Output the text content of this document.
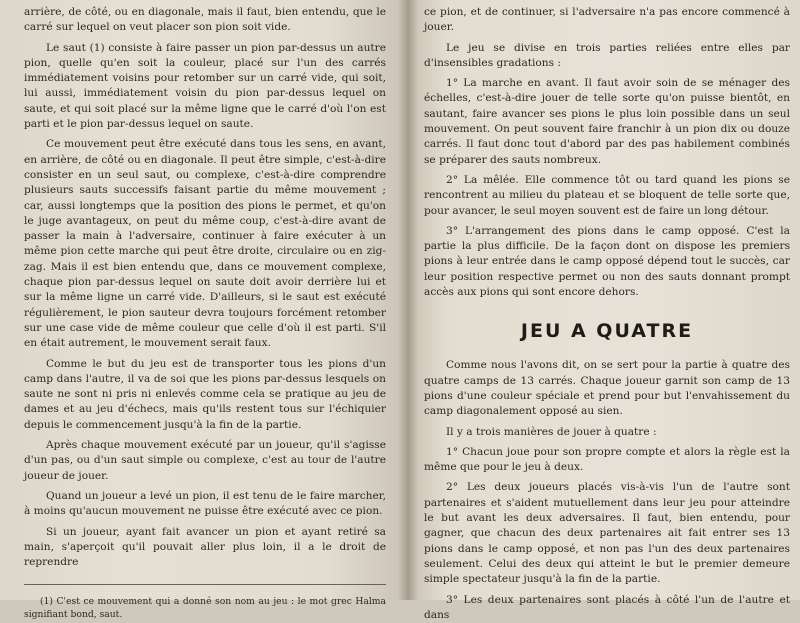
arrière, de côté, ou en diagonale, mais il faut, bien entendu, que le carré sur lequel on veut placer son pion soit vide.

Le saut (1) consiste à faire passer un pion par-dessus un autre pion, quelle qu'en soit la couleur, placé sur l'un des carrés immédiatement voisins pour retomber sur un carré vide, qui soit, lui aussi, immédiatement voisin du pion par-dessus lequel on saute, et qui soit placé sur la même ligne que le carré d'où l'on est parti et le pion par-dessus lequel on saute.

Ce mouvement peut être exécuté dans tous les sens, en avant, en arrière, de côté ou en diagonale. Il peut être simple, c'est-à-dire consister en un seul saut, ou complexe, c'est-à-dire comprendre plusieurs sauts successifs faisant partie du même mouvement ; car, aussi longtemps que la position des pions le permet, et qu'on le juge avantageux, on peut du même coup, c'est-à-dire avant de passer la main à l'adversaire, continuer à faire exécuter à un même pion cette marche qui peut être droite, circulaire ou en zig-zag. Mais il est bien entendu que, dans ce mouvement complexe, chaque pion par-dessus lequel on saute doit avoir derrière lui et sur la même ligne un carré vide. D'ailleurs, si le saut est exécuté régulièrement, le pion sauteur devra toujours forcément retomber sur une case vide de même couleur que celle d'où il est parti. S'il en était autrement, le mouvement serait faux.

Comme le but du jeu est de transporter tous les pions d'un camp dans l'autre, il va de soi que les pions par-dessus lesquels on saute ne sont ni pris ni enlevés comme cela se pratique au jeu de dames et au jeu d'échecs, mais qu'ils restent tous sur l'échiquier depuis le commencement jusqu'à la fin de la partie.

Après chaque mouvement exécuté par un joueur, qu'il s'agisse d'un pas, ou d'un saut simple ou complexe, c'est au tour de l'autre joueur de jouer.

Quand un joueur a levé un pion, il est tenu de le faire marcher, à moins qu'aucun mouvement ne puisse être exécuté avec ce pion.

Si un joueur, ayant fait avancer un pion et ayant retiré sa main, s'aperçoit qu'il pouvait aller plus loin, il a le droit de reprendre

(1) C'est ce mouvement qui a donné son nom au jeu : le mot grec Halma signifiant bond, saut.

ce pion, et de continuer, si l'adversaire n'a pas encore commencé à jouer.

Le jeu se divise en trois parties reliées entre elles par d'insensibles gradations :

1° La marche en avant. Il faut avoir soin de se ménager des échelles, c'est-à-dire jouer de telle sorte qu'on puisse bientôt, en sautant, faire avancer ses pions le plus loin possible dans un seul mouvement. On peut souvent faire franchir à un pion dix ou douze carrés. Il faut donc tout d'abord par des pas habilement combinés se préparer des sauts nombreux.

2° La mêlée. Elle commence tôt ou tard quand les pions se rencontrent au milieu du plateau et se bloquent de telle sorte que, pour avancer, le seul moyen souvent est de faire un long détour.

3° L'arrangement des pions dans le camp opposé. C'est la partie la plus difficile. De la façon dont on dispose les premiers pions à leur entrée dans le camp opposé dépend tout le succès, car leur position respective permet ou non des sauts donnant prompt accès aux pions qui sont encore dehors.

JEU A QUATRE

Comme nous l'avons dit, on se sert pour la partie à quatre des quatre camps de 13 carrés. Chaque joueur garnit son camp de 13 pions d'une couleur spéciale et prend pour but l'envahissement du camp diagonalement opposé au sien.

Il y a trois manières de jouer à quatre :

1° Chacun joue pour son propre compte et alors la règle est la même que pour le jeu à deux.

2° Les deux joueurs placés vis-à-vis l'un de l'autre sont partenaires et s'aident mutuellement dans leur jeu pour atteindre le but avant les deux adversaires. Il faut, bien entendu, pour gagner, que chacun des deux partenaires ait fait entrer ses 13 pions dans le camp opposé, et non pas l'un des deux partenaires seulement. Celui des deux qui atteint le but le premier demeure simple spectateur jusqu'à la fin de la partie.

3° Les deux partenaires sont placés à côté l'un de l'autre et dans
